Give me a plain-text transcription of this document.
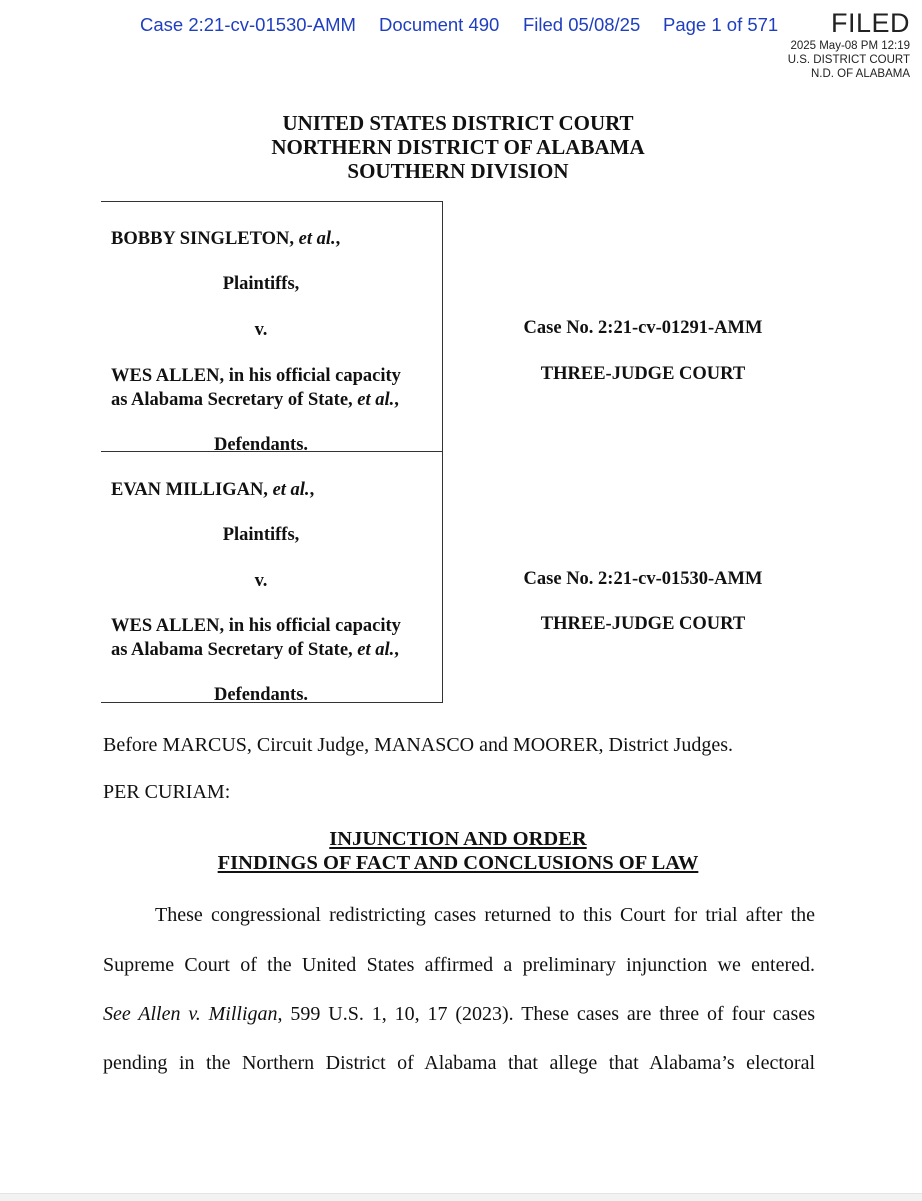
Case 2:21-cv-01530-AMM Document 490 Filed 05/08/25 Page 1 of 571 FILED
2025 May-08 PM 12:19
U.S. DISTRICT COURT
N.D. OF ALABAMA
UNITED STATES DISTRICT COURT
NORTHERN DISTRICT OF ALABAMA
SOUTHERN DIVISION
BOBBY SINGLETON, et al.,
Plaintiffs,
v.
WES ALLEN, in his official capacity
as Alabama Secretary of State, et al.,
Defendants.
Case No. 2:21-cv-01291-AMM
THREE-JUDGE COURT
EVAN MILLIGAN, et al.,
Plaintiffs,
v.
WES ALLEN, in his official capacity
as Alabama Secretary of State, et al.,
Defendants.
Case No. 2:21-cv-01530-AMM
THREE-JUDGE COURT
Before MARCUS, Circuit Judge, MANASCO and MOORER, District Judges.
PER CURIAM:
INJUNCTION AND ORDER
FINDINGS OF FACT AND CONCLUSIONS OF LAW
These congressional redistricting cases returned to this Court for trial after the
Supreme Court of the United States affirmed a preliminary injunction we entered.
See Allen v. Milligan, 599 U.S. 1, 10, 17 (2023). These cases are three of four cases
pending in the Northern District of Alabama that allege that Alabama’s electoral
